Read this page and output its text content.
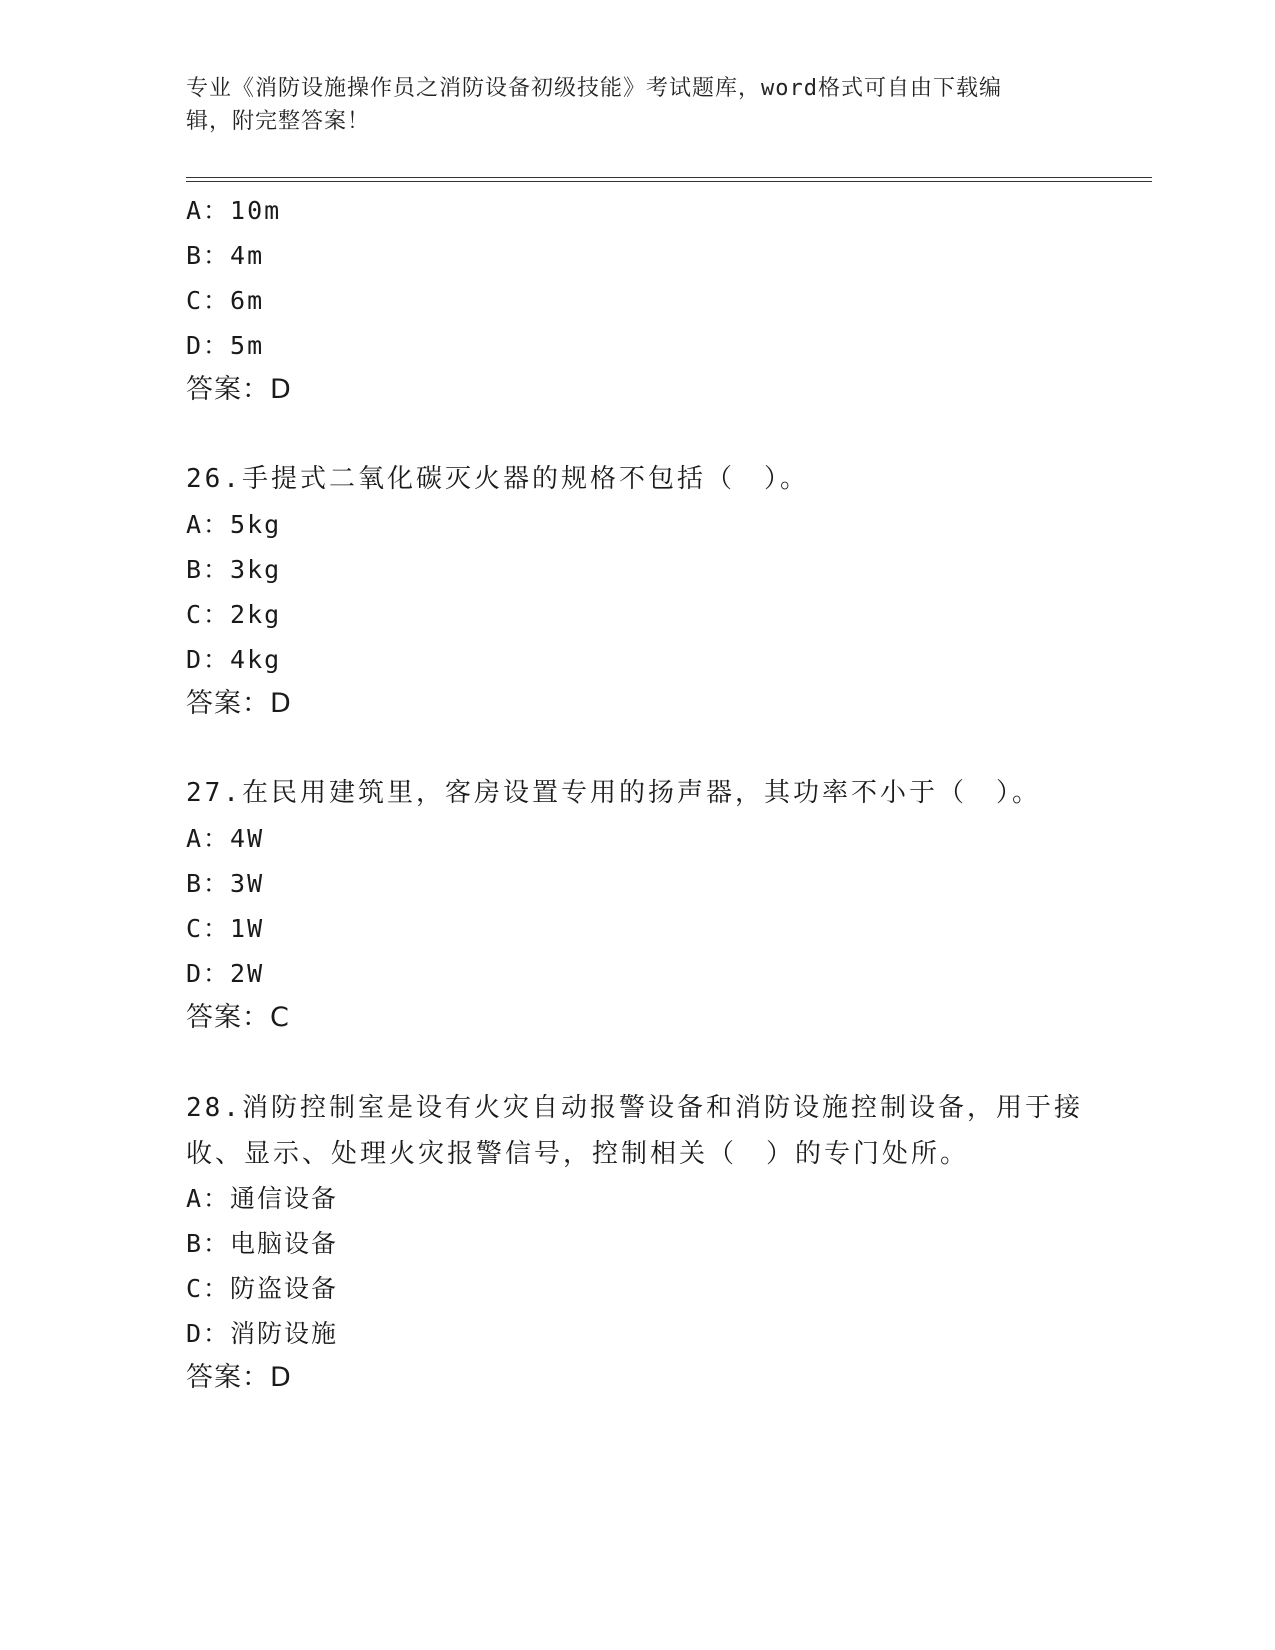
专业《消防设施操作员之消防设备初级技能》考试题库，word格式可自由下载编
辑，附完整答案！
A：10m
B：4m
C：6m
D：5m
答案：D
26.手提式二氧化碳灭火器的规格不包括（　）。
A：5kg
B：3kg
C：2kg
D：4kg
答案：D
27.在民用建筑里，客房设置专用的扬声器，其功率不小于（　）。
A：4W
B：3W
C：1W
D：2W
答案：C
28.消防控制室是设有火灾自动报警设备和消防设施控制设备，用于接
收、显示、处理火灾报警信号，控制相关（　）的专门处所。
A：通信设备
B：电脑设备
C：防盗设备
D：消防设施
答案：D
